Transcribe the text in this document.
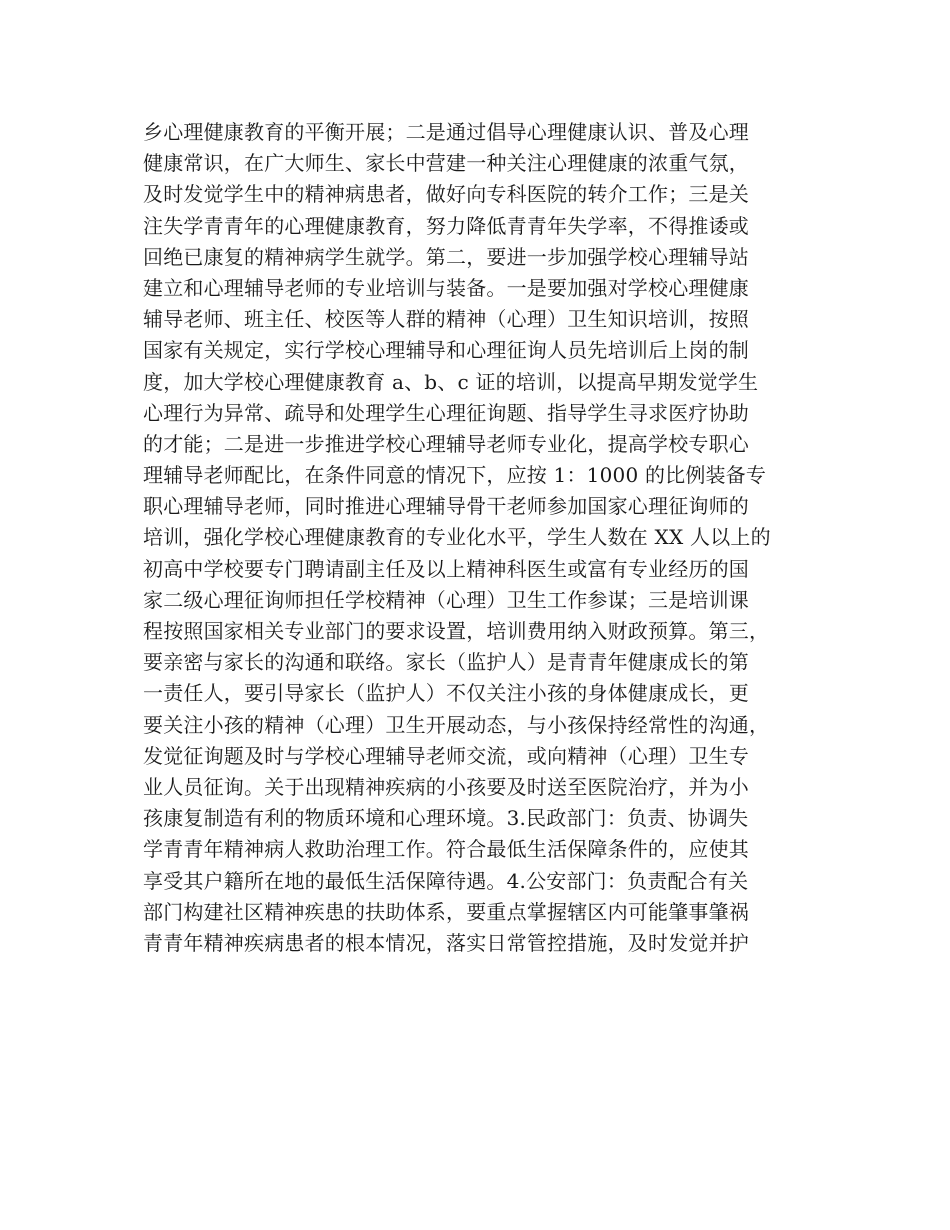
乡心理健康教育的平衡开展；二是通过倡导心理健康认识、普及心理
健康常识，在广大师生、家长中营建一种关注心理健康的浓重气氛，
及时发觉学生中的精神病患者，做好向专科医院的转介工作；三是关
注失学青青年的心理健康教育，努力降低青青年失学率，不得推诿或
回绝已康复的精神病学生就学。第二，要进一步加强学校心理辅导站
建立和心理辅导老师的专业培训与装备。一是要加强对学校心理健康
辅导老师、班主任、校医等人群的精神（心理）卫生知识培训，按照
国家有关规定，实行学校心理辅导和心理征询人员先培训后上岗的制
度，加大学校心理健康教育 a、b、c 证的培训，以提高早期发觉学生
心理行为异常、疏导和处理学生心理征询题、指导学生寻求医疗协助
的才能；二是进一步推进学校心理辅导老师专业化，提高学校专职心
理辅导老师配比，在条件同意的情况下，应按 1：1000 的比例装备专
职心理辅导老师，同时推进心理辅导骨干老师参加国家心理征询师的
培训，强化学校心理健康教育的专业化水平，学生人数在 XX 人以上的
初高中学校要专门聘请副主任及以上精神科医生或富有专业经历的国
家二级心理征询师担任学校精神（心理）卫生工作参谋；三是培训课
程按照国家相关专业部门的要求设置，培训费用纳入财政预算。第三，
要亲密与家长的沟通和联络。家长（监护人）是青青年健康成长的第
一责任人，要引导家长（监护人）不仅关注小孩的身体健康成长，更
要关注小孩的精神（心理）卫生开展动态，与小孩保持经常性的沟通，
发觉征询题及时与学校心理辅导老师交流，或向精神（心理）卫生专
业人员征询。关于出现精神疾病的小孩要及时送至医院治疗，并为小
孩康复制造有利的物质环境和心理环境。3.民政部门：负责、协调失
学青青年精神病人救助治理工作。符合最低生活保障条件的，应使其
享受其户籍所在地的最低生活保障待遇。4.公安部门：负责配合有关
部门构建社区精神疾患的扶助体系，要重点掌握辖区内可能肇事肇祸
青青年精神疾病患者的根本情况，落实日常管控措施，及时发觉并护
